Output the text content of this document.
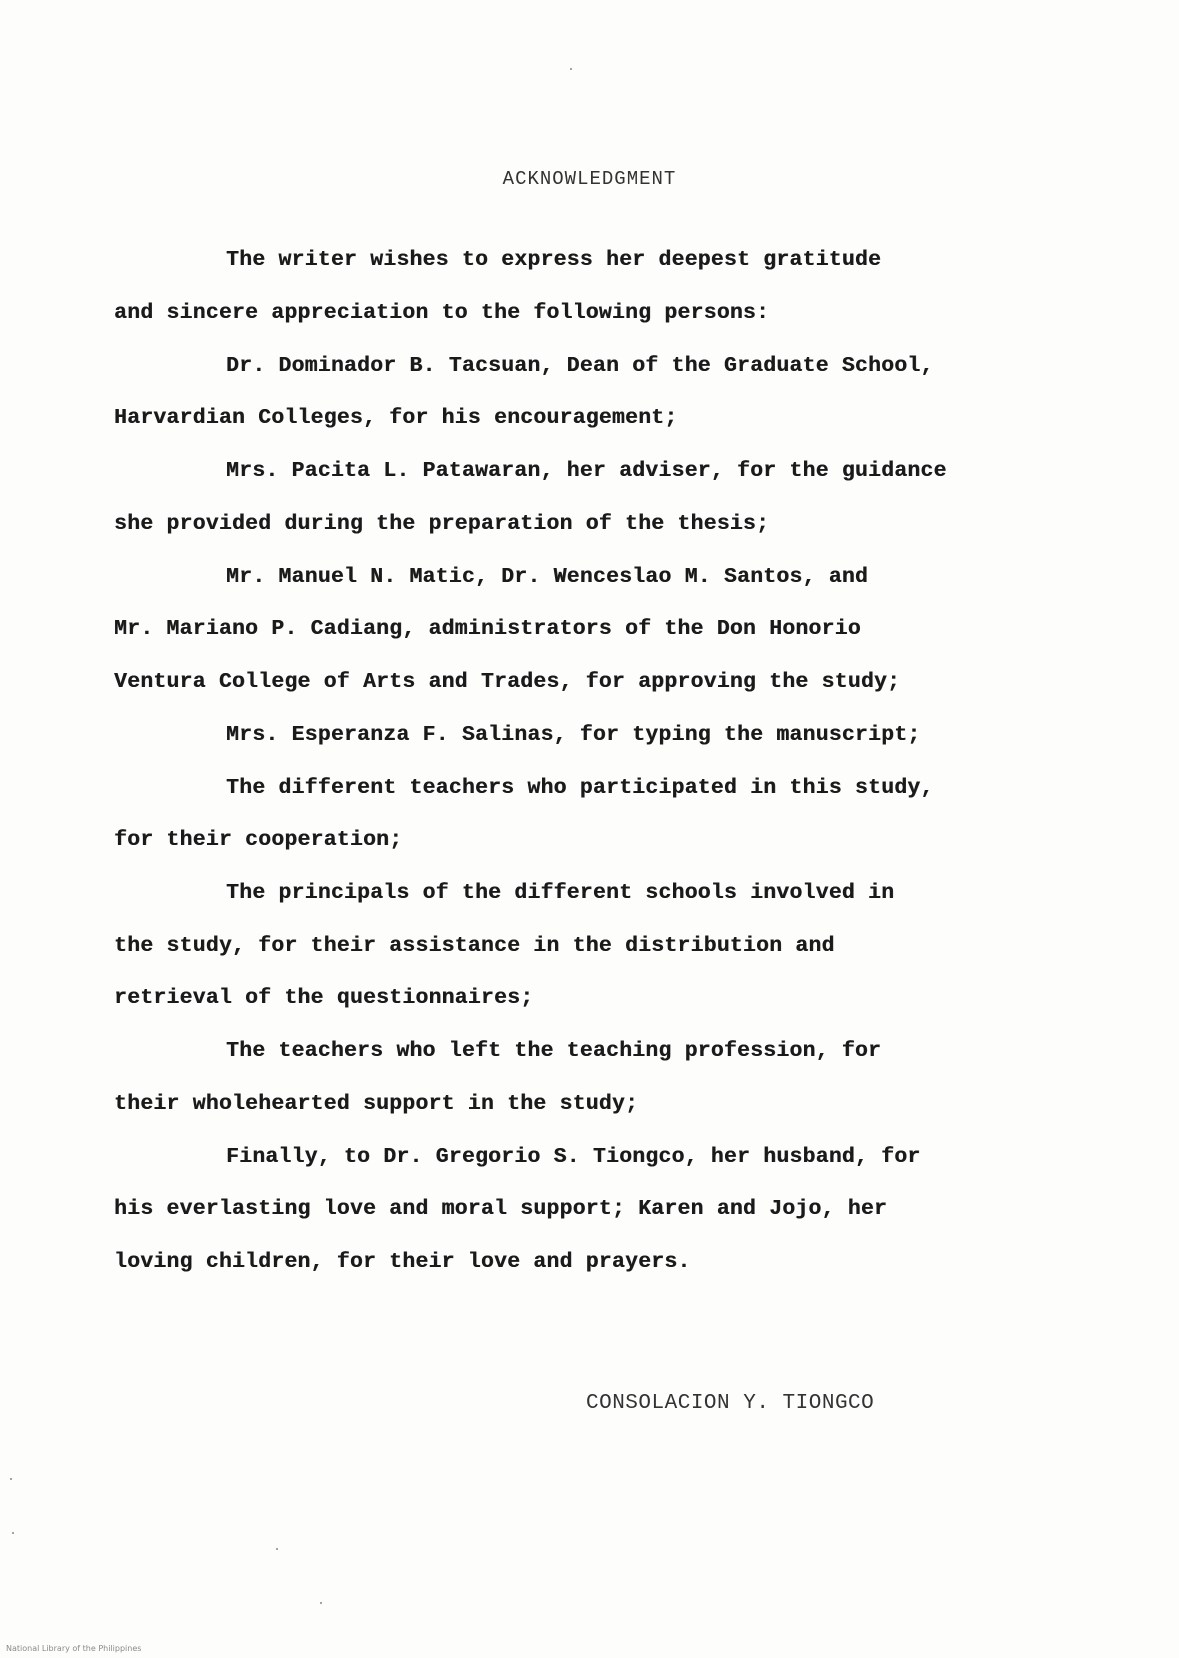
ACKNOWLEDGMENT
The writer wishes to express her deepest gratitude
and sincere appreciation to the following persons:
Dr. Dominador B. Tacsuan, Dean of the Graduate School,
Harvardian Colleges, for his encouragement;
Mrs. Pacita L. Patawaran, her adviser, for the guidance
she provided during the preparation of the thesis;
Mr. Manuel N. Matic, Dr. Wenceslao M. Santos, and
Mr. Mariano P. Cadiang, administrators of the Don Honorio
Ventura College of Arts and Trades, for approving the study;
Mrs. Esperanza F. Salinas, for typing the manuscript;
The different teachers who participated in this study,
for their cooperation;
The principals of the different schools involved in
the study, for their assistance in the distribution and
retrieval of the questionnaires;
The teachers who left the teaching profession, for
their wholehearted support in the study;
Finally, to Dr. Gregorio S. Tiongco, her husband, for
his everlasting love and moral support; Karen and Jojo, her
loving children, for their love and prayers.
CONSOLACION Y. TIONGCO
National Library of the Philippines
